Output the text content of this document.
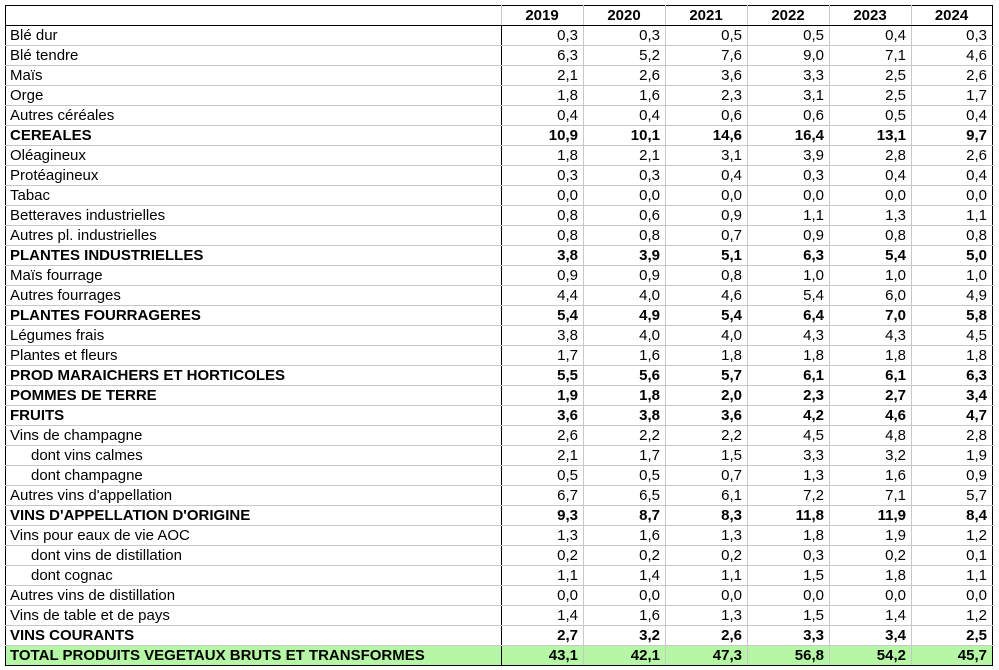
	2019	2020	2021	2022	2023	2024
Blé dur	0,3	0,3	0,5	0,5	0,4	0,3
Blé tendre	6,3	5,2	7,6	9,0	7,1	4,6
Maïs	2,1	2,6	3,6	3,3	2,5	2,6
Orge	1,8	1,6	2,3	3,1	2,5	1,7
Autres céréales	0,4	0,4	0,6	0,6	0,5	0,4
CEREALES	10,9	10,1	14,6	16,4	13,1	9,7
Oléagineux	1,8	2,1	3,1	3,9	2,8	2,6
Protéagineux	0,3	0,3	0,4	0,3	0,4	0,4
Tabac	0,0	0,0	0,0	0,0	0,0	0,0
Betteraves industrielles	0,8	0,6	0,9	1,1	1,3	1,1
Autres pl. industrielles	0,8	0,8	0,7	0,9	0,8	0,8
PLANTES INDUSTRIELLES	3,8	3,9	5,1	6,3	5,4	5,0
Maïs fourrage	0,9	0,9	0,8	1,0	1,0	1,0
Autres fourrages	4,4	4,0	4,6	5,4	6,0	4,9
PLANTES FOURRAGERES	5,4	4,9	5,4	6,4	7,0	5,8
Légumes frais	3,8	4,0	4,0	4,3	4,3	4,5
Plantes et fleurs	1,7	1,6	1,8	1,8	1,8	1,8
PROD MARAICHERS ET HORTICOLES	5,5	5,6	5,7	6,1	6,1	6,3
POMMES DE TERRE	1,9	1,8	2,0	2,3	2,7	3,4
FRUITS	3,6	3,8	3,6	4,2	4,6	4,7
Vins de champagne	2,6	2,2	2,2	4,5	4,8	2,8
dont vins calmes	2,1	1,7	1,5	3,3	3,2	1,9
dont champagne	0,5	0,5	0,7	1,3	1,6	0,9
Autres vins d'appellation	6,7	6,5	6,1	7,2	7,1	5,7
VINS D'APPELLATION D'ORIGINE	9,3	8,7	8,3	11,8	11,9	8,4
Vins pour eaux de vie AOC	1,3	1,6	1,3	1,8	1,9	1,2
dont vins de distillation	0,2	0,2	0,2	0,3	0,2	0,1
dont cognac	1,1	1,4	1,1	1,5	1,8	1,1
Autres vins de distillation	0,0	0,0	0,0	0,0	0,0	0,0
Vins de table et de pays	1,4	1,6	1,3	1,5	1,4	1,2
VINS COURANTS	2,7	3,2	2,6	3,3	3,4	2,5
TOTAL PRODUITS VEGETAUX BRUTS ET TRANSFORMES	43,1	42,1	47,3	56,8	54,2	45,7
